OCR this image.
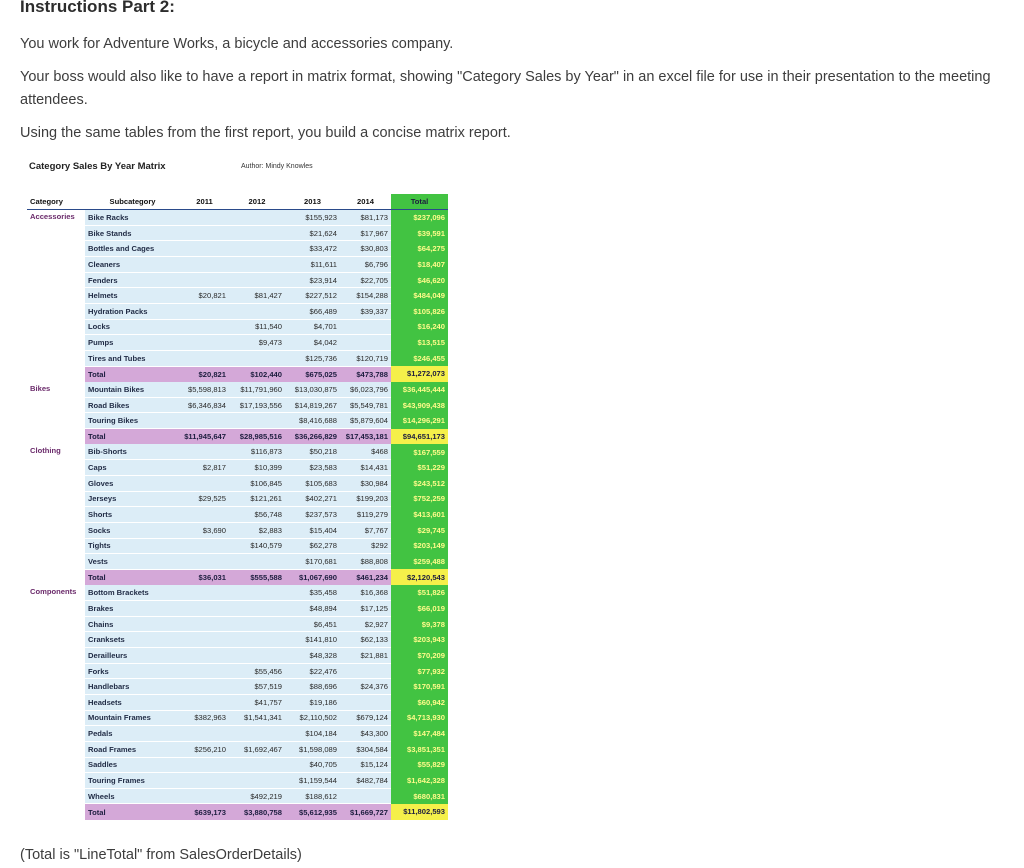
Instructions Part 2:

You work for Adventure Works, a bicycle and accessories company.

Your boss would also like to have a report in matrix format, showing "Category Sales by Year" in an excel file for use in their presentation to the meeting attendees.

Using the same tables from the first report, you build a concise matrix report.

Category Sales By Year Matrix	Author: Mindy Knowles
Category	Subcategory	2011	2012	2013	2014	Total
Accessories	Bike Racks			$155,923	$81,173	$237,096
	Bike Stands			$21,624	$17,967	$39,591
	Bottles and Cages			$33,472	$30,803	$64,275
	Cleaners			$11,611	$6,796	$18,407
	Fenders			$23,914	$22,705	$46,620
	Helmets	$20,821	$81,427	$227,512	$154,288	$484,049
	Hydration Packs			$66,489	$39,337	$105,826
	Locks		$11,540	$4,701		$16,240
	Pumps		$9,473	$4,042		$13,515
	Tires and Tubes			$125,736	$120,719	$246,455
	Total	$20,821	$102,440	$675,025	$473,788	$1,272,073
Bikes	Mountain Bikes	$5,598,813	$11,791,960	$13,030,875	$6,023,796	$36,445,444
	Road Bikes	$6,346,834	$17,193,556	$14,819,267	$5,549,781	$43,909,438
	Touring Bikes			$8,416,688	$5,879,604	$14,296,291
	Total	$11,945,647	$28,985,516	$36,266,829	$17,453,181	$94,651,173
Clothing	Bib-Shorts		$116,873	$50,218	$468	$167,559
	Caps	$2,817	$10,399	$23,583	$14,431	$51,229
	Gloves		$106,845	$105,683	$30,984	$243,512
	Jerseys	$29,525	$121,261	$402,271	$199,203	$752,259
	Shorts		$56,748	$237,573	$119,279	$413,601
	Socks	$3,690	$2,883	$15,404	$7,767	$29,745
	Tights		$140,579	$62,278	$292	$203,149
	Vests			$170,681	$88,808	$259,488
	Total	$36,031	$555,588	$1,067,690	$461,234	$2,120,543
Components	Bottom Brackets			$35,458	$16,368	$51,826
	Brakes			$48,894	$17,125	$66,019
	Chains			$6,451	$2,927	$9,378
	Cranksets			$141,810	$62,133	$203,943
	Derailleurs			$48,328	$21,881	$70,209
	Forks		$55,456	$22,476		$77,932
	Handlebars		$57,519	$88,696	$24,376	$170,591
	Headsets		$41,757	$19,186		$60,942
	Mountain Frames	$382,963	$1,541,341	$2,110,502	$679,124	$4,713,930
	Pedals			$104,184	$43,300	$147,484
	Road Frames	$256,210	$1,692,467	$1,598,089	$304,584	$3,851,351
	Saddles			$40,705	$15,124	$55,829
	Touring Frames			$1,159,544	$482,784	$1,642,328
	Wheels		$492,219	$188,612		$680,831
	Total	$639,173	$3,880,758	$5,612,935	$1,669,727	$11,802,593

(Total is "LineTotal" from SalesOrderDetails)
